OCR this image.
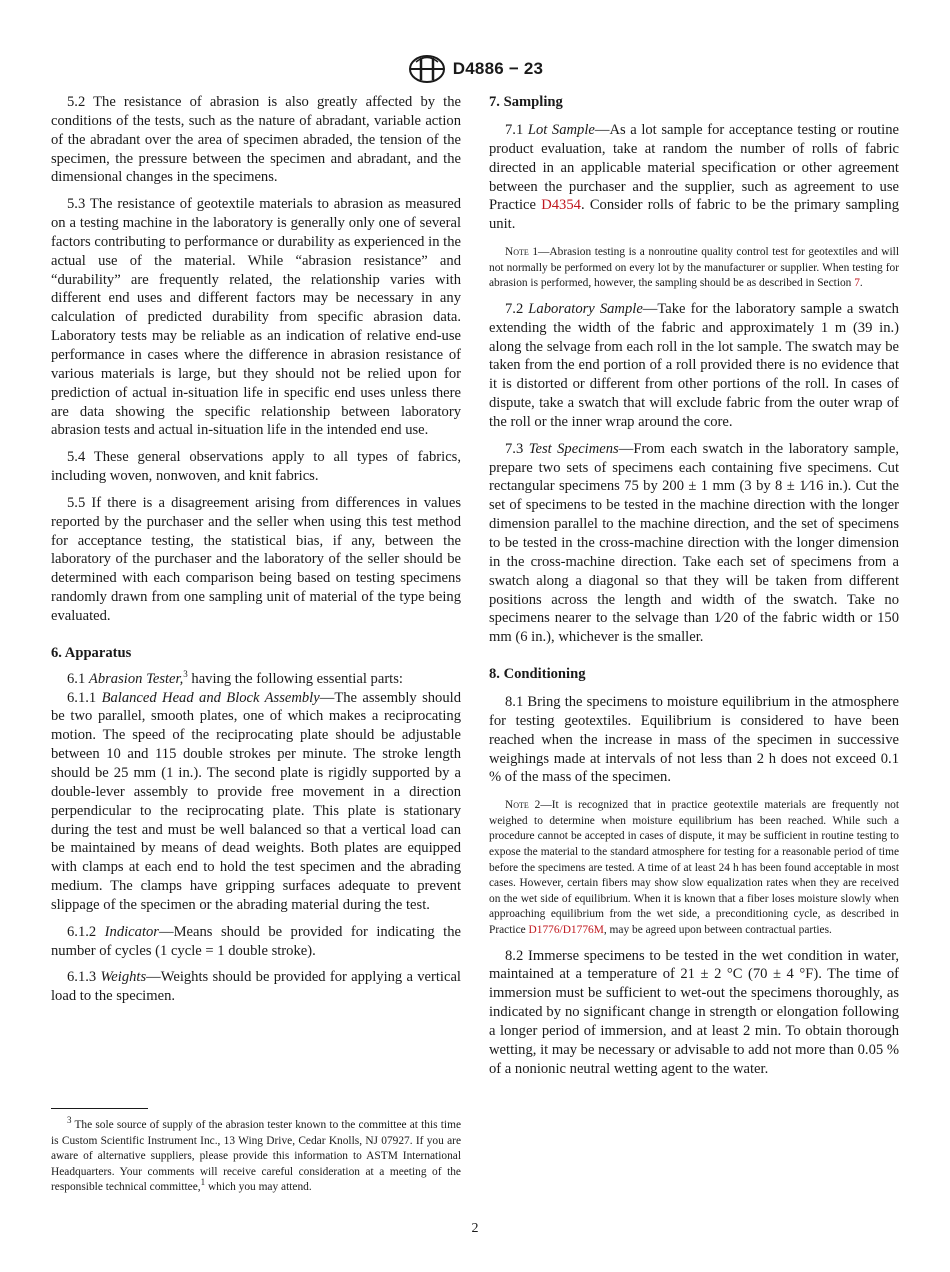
D4886 − 23

5.2 The resistance of abrasion is also greatly affected by the conditions of the tests, such as the nature of abradant, variable action of the abradant over the area of specimen abraded, the tension of the specimen, the pressure between the specimen and abradant, and the dimensional changes in the specimens.

5.3 The resistance of geotextile materials to abrasion as measured on a testing machine in the laboratory is generally only one of several factors contributing to performance or durability as experienced in the actual use of the material. While “abrasion resistance” and “durability” are frequently related, the relationship varies with different end uses and different factors may be necessary in any calculation of predicted durability from specific abrasion data. Laboratory tests may be reliable as an indication of relative end-use performance in cases where the difference in abrasion resistance of various materials is large, but they should not be relied upon for prediction of actual in-situation life in specific end uses unless there are data showing the specific relationship between laboratory abrasion tests and actual in-situation life in the intended end use.

5.4 These general observations apply to all types of fabrics, including woven, nonwoven, and knit fabrics.

5.5 If there is a disagreement arising from differences in values reported by the purchaser and the seller when using this test method for acceptance testing, the statistical bias, if any, between the laboratory of the purchaser and the laboratory of the seller should be determined with each comparison being based on testing specimens randomly drawn from one sampling unit of material of the type being evaluated.

6. Apparatus

6.1 Abrasion Tester,$^3$ having the following essential parts:

6.1.1 Balanced Head and Block Assembly—The assembly should be two parallel, smooth plates, one of which makes a reciprocating motion. The speed of the reciprocating plate should be adjustable between 10 and 115 double strokes per minute. The stroke length should be 25 mm (1 in.). The second plate is rigidly supported by a double-lever assembly to provide free movement in a direction perpendicular to the reciprocating plate. This plate is stationary during the test and must be well balanced so that a vertical load can be maintained by means of dead weights. Both plates are equipped with clamps at each end to hold the test specimen and the abrading medium. The clamps have gripping surfaces adequate to prevent slippage of the specimen or the abrading material during the test.

6.1.2 Indicator—Means should be provided for indicating the number of cycles (1 cycle = 1 double stroke).

6.1.3 Weights—Weights should be provided for applying a vertical load to the specimen.

$^3$ The sole source of supply of the abrasion tester known to the committee at this time is Custom Scientific Instrument Inc., 13 Wing Drive, Cedar Knolls, NJ 07927. If you are aware of alternative suppliers, please provide this information to ASTM International Headquarters. Your comments will receive careful consideration at a meeting of the responsible technical committee,$^1$ which you may attend.

7. Sampling

7.1 Lot Sample—As a lot sample for acceptance testing or routine product evaluation, take at random the number of rolls of fabric directed in an applicable material specification or other agreement between the purchaser and the supplier, such as agreement to use Practice D4354. Consider rolls of fabric to be the primary sampling unit.

Note 1—Abrasion testing is a nonroutine quality control test for geotextiles and will not normally be performed on every lot by the manufacturer or supplier. When testing for abrasion is performed, however, the sampling should be as described in Section 7.

7.2 Laboratory Sample—Take for the laboratory sample a swatch extending the width of the fabric and approximately 1 m (39 in.) along the selvage from each roll in the lot sample. The swatch may be taken from the end portion of a roll provided there is no evidence that it is distorted or different from other portions of the roll. In cases of dispute, take a swatch that will exclude fabric from the outer wrap of the roll or the inner wrap around the core.

7.3 Test Specimens—From each swatch in the laboratory sample, prepare two sets of specimens each containing five specimens. Cut rectangular specimens 75 by 200 ± 1 mm (3 by 8 ± 1⁄16 in.). Cut the set of specimens to be tested in the machine direction with the longer dimension parallel to the machine direction, and the set of specimens to be tested in the cross-machine direction with the longer dimension in the cross-machine direction. Take each set of specimens from a swatch along a diagonal so that they will be taken from different positions across the length and width of the swatch. Take no specimens nearer to the selvage than 1⁄20 of the fabric width or 150 mm (6 in.), whichever is the smaller.

8. Conditioning

8.1 Bring the specimens to moisture equilibrium in the atmosphere for testing geotextiles. Equilibrium is considered to have been reached when the increase in mass of the specimen in successive weighings made at intervals of not less than 2 h does not exceed 0.1 % of the mass of the specimen.

Note 2—It is recognized that in practice geotextile materials are frequently not weighed to determine when moisture equilibrium has been reached. While such a procedure cannot be accepted in cases of dispute, it may be sufficient in routine testing to expose the material to the standard atmosphere for testing for a reasonable period of time before the specimens are tested. A time of at least 24 h has been found acceptable in most cases. However, certain fibers may show slow equalization rates when they are received on the wet side of equilibrium. When it is known that a fiber loses moisture slowly when approaching equilibrium from the wet side, a preconditioning cycle, as described in Practice D1776/D1776M, may be agreed upon between contractual parties.

8.2 Immerse specimens to be tested in the wet condition in water, maintained at a temperature of 21 ± 2 °C (70 ± 4 °F). The time of immersion must be sufficient to wet-out the specimens thoroughly, as indicated by no significant change in strength or elongation following a longer period of immersion, and at least 2 min. To obtain thorough wetting, it may be necessary or advisable to add not more than 0.05 % of a nonionic neutral wetting agent to the water.

2
